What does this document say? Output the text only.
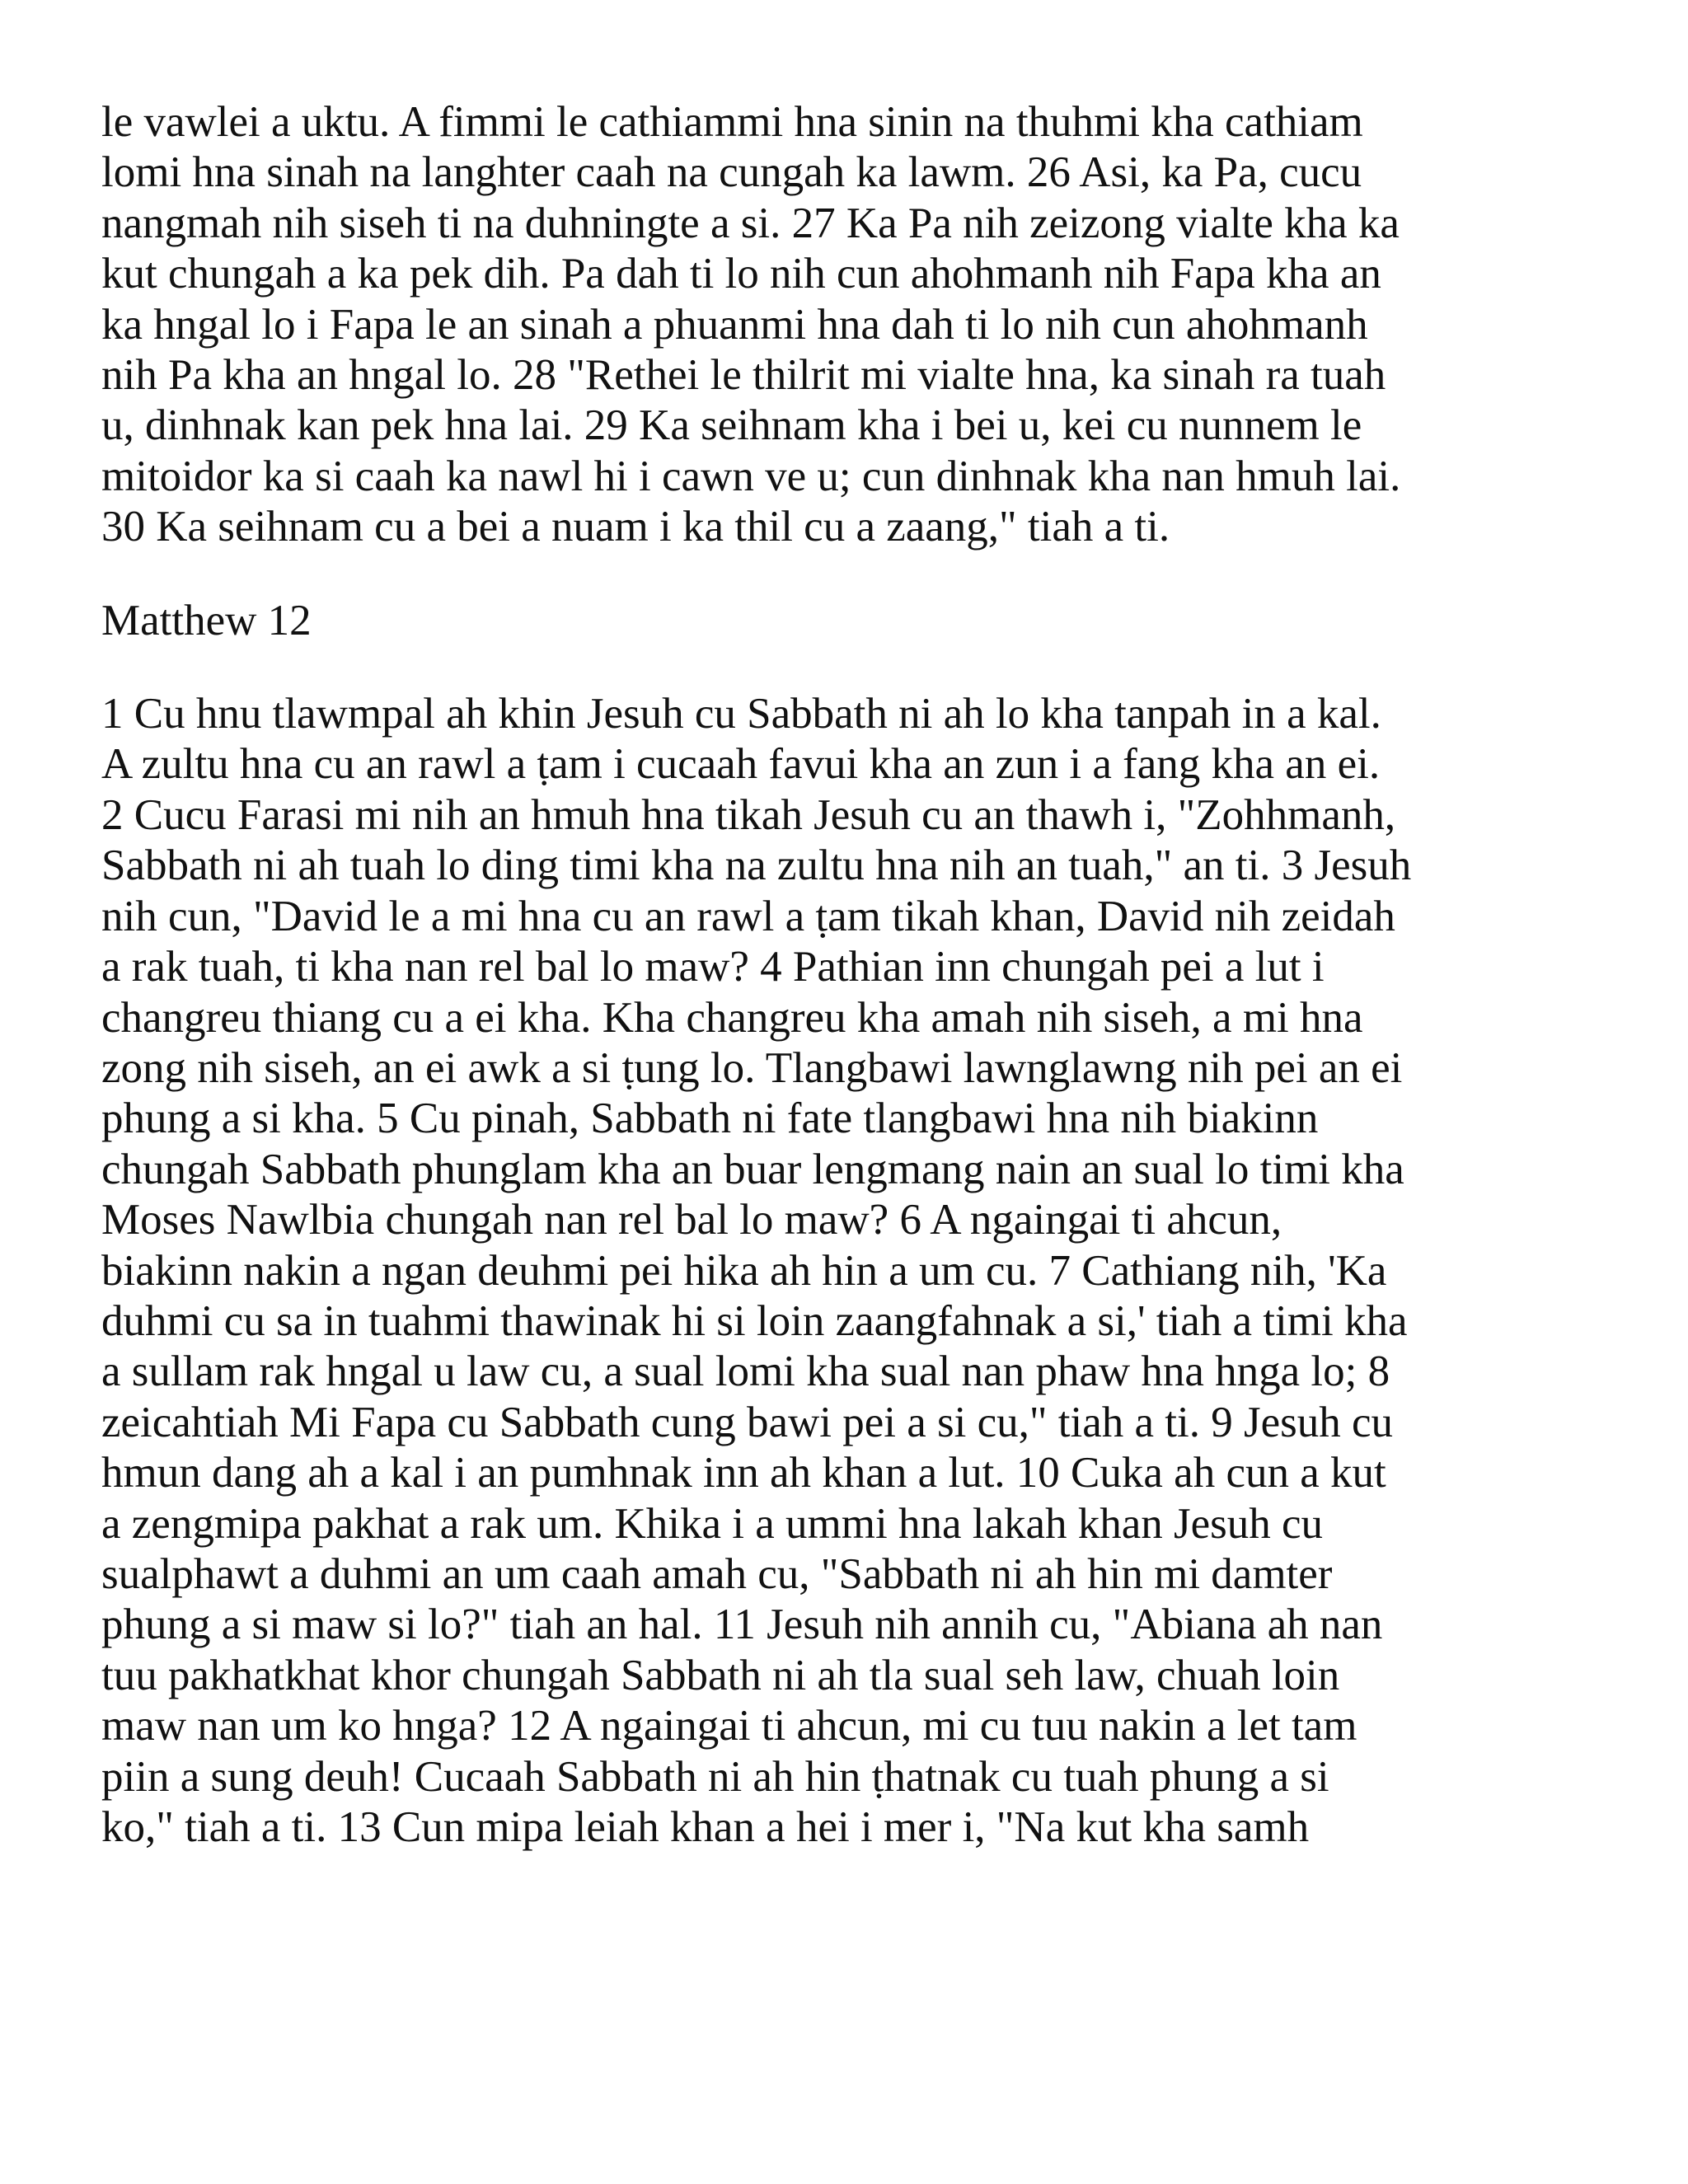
le vawlei a uktu. A fimmi le cathiammi hna sinin na thuhmi kha cathiam
lomi hna sinah na langhter caah na cungah ka lawm. 26 Asi, ka Pa, cucu
nangmah nih siseh ti na duhningte a si. 27 Ka Pa nih zeizong vialte kha ka
kut chungah a ka pek dih. Pa dah ti lo nih cun ahohmanh nih Fapa kha an
ka hngal lo i Fapa le an sinah a phuanmi hna dah ti lo nih cun ahohmanh
nih Pa kha an hngal lo. 28 "Rethei le thilrit mi vialte hna, ka sinah ra tuah
u, dinhnak kan pek hna lai. 29 Ka seihnam kha i bei u, kei cu nunnem le
mitoidor ka si caah ka nawl hi i cawn ve u; cun dinhnak kha nan hmuh lai.
30 Ka seihnam cu a bei a nuam i ka thil cu a zaang," tiah a ti.
Matthew 12
1 Cu hnu tlawmpal ah khin Jesuh cu Sabbath ni ah lo kha tanpah in a kal.
A zultu hna cu an rawl a ṭam i cucaah favui kha an zun i a fang kha an ei.
2 Cucu Farasi mi nih an hmuh hna tikah Jesuh cu an thawh i, "Zohhmanh,
Sabbath ni ah tuah lo ding timi kha na zultu hna nih an tuah," an ti. 3 Jesuh
nih cun, "David le a mi hna cu an rawl a ṭam tikah khan, David nih zeidah
a rak tuah, ti kha nan rel bal lo maw? 4 Pathian inn chungah pei a lut i
changreu thiang cu a ei kha. Kha changreu kha amah nih siseh, a mi hna
zong nih siseh, an ei awk a si ṭung lo. Tlangbawi lawnglawng nih pei an ei
phung a si kha. 5 Cu pinah, Sabbath ni fate tlangbawi hna nih biakinn
chungah Sabbath phunglam kha an buar lengmang nain an sual lo timi kha
Moses Nawlbia chungah nan rel bal lo maw? 6 A ngaingai ti ahcun,
biakinn nakin a ngan deuhmi pei hika ah hin a um cu. 7 Cathiang nih, 'Ka
duhmi cu sa in tuahmi thawinak hi si loin zaangfahnak a si,' tiah a timi kha
a sullam rak hngal u law cu, a sual lomi kha sual nan phaw hna hnga lo; 8
zeicahtiah Mi Fapa cu Sabbath cung bawi pei a si cu," tiah a ti. 9 Jesuh cu
hmun dang ah a kal i an pumhnak inn ah khan a lut. 10 Cuka ah cun a kut
a zengmipa pakhat a rak um. Khika i a ummi hna lakah khan Jesuh cu
sualphawt a duhmi an um caah amah cu, "Sabbath ni ah hin mi damter
phung a si maw si lo?" tiah an hal. 11 Jesuh nih annih cu, "Abiana ah nan
tuu pakhatkhat khor chungah Sabbath ni ah tla sual seh law, chuah loin
maw nan um ko hnga? 12 A ngaingai ti ahcun, mi cu tuu nakin a let tam
piin a sung deuh! Cucaah Sabbath ni ah hin ṭhatnak cu tuah phung a si
ko," tiah a ti. 13 Cun mipa leiah khan a hei i mer i, "Na kut kha samh
